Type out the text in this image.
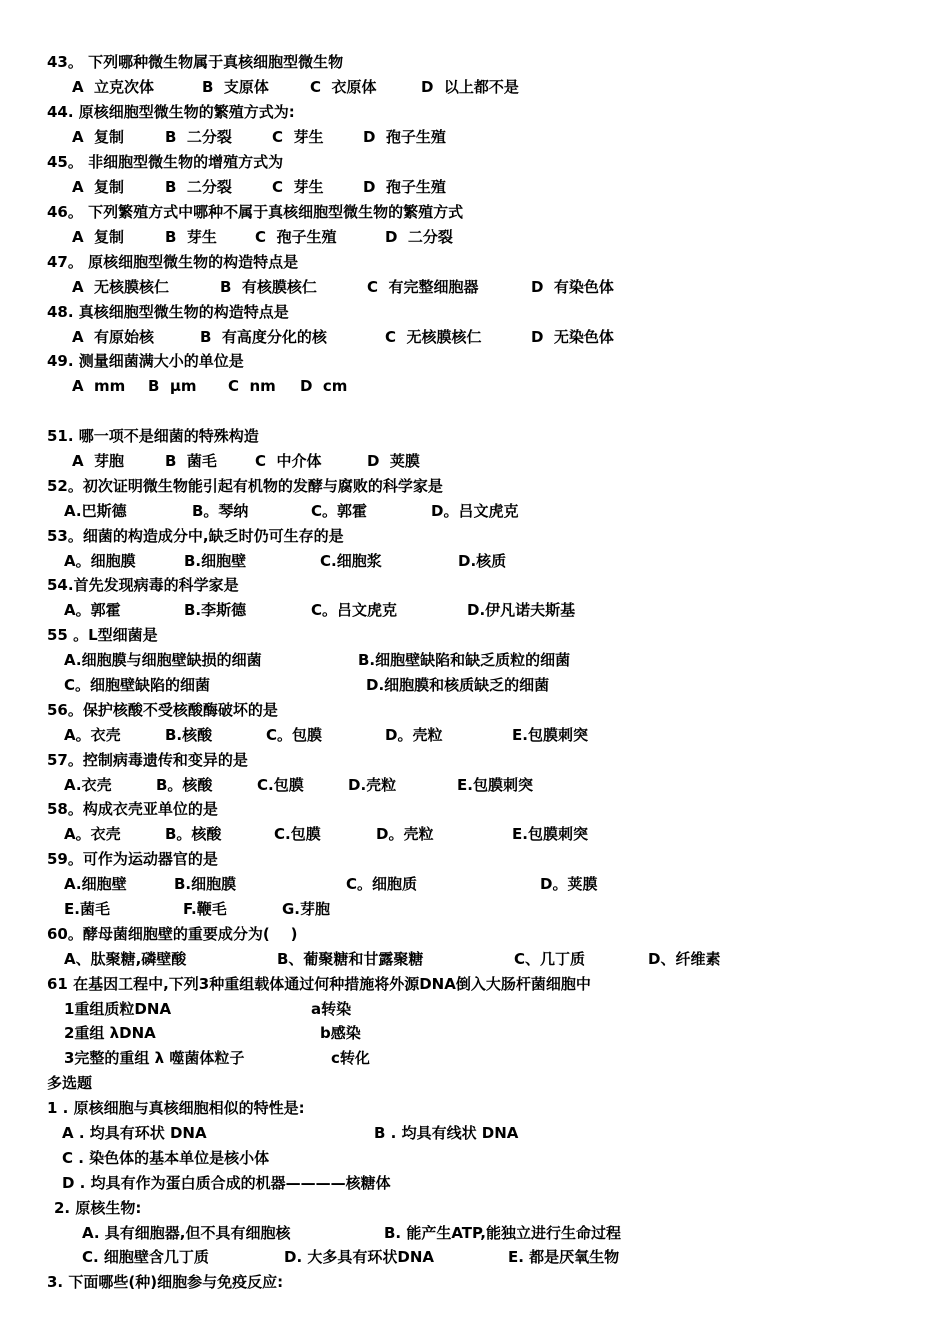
43。 下列哪种微生物属于真核细胞型微生物
A  立克次体	B  支原体	C  衣原体	D  以上都不是
44. 原核细胞型微生物的繁殖方式为:
A  复制	B  二分裂	C  芽生	D  孢子生殖
45。 非细胞型微生物的增殖方式为
A  复制	B  二分裂	C  芽生	D  孢子生殖
46。 下列繁殖方式中哪种不属于真核细胞型微生物的繁殖方式
A  复制	B  芽生	C  孢子生殖	D  二分裂
47。 原核细胞型微生物的构造特点是
A  无核膜核仁	B  有核膜核仁	C  有完整细胞器	D  有染色体
48. 真核细胞型微生物的构造特点是
A  有原始核	B  有高度分化的核	C  无核膜核仁	D  无染色体
49. 测量细菌满大小的单位是
A  mm B  μm C  nm D  cm
51. 哪一项不是细菌的特殊构造
A  芽胞	B  菌毛	C  中介体	D  荚膜
52。初次证明微生物能引起有机物的发酵与腐败的科学家是
A.巴斯德	B。琴纳	C。郭霍	D。吕文虎克
53。细菌的构造成分中,缺乏时仍可生存的是
A。细胞膜	B.细胞壁	C.细胞浆	D.核质
54.首先发现病毒的科学家是
A。郭霍	B.李斯德	C。吕文虎克	D.伊凡诺夫斯基
55 。L型细菌是
A.细胞膜与细胞壁缺损的细菌	B.细胞壁缺陷和缺乏质粒的细菌
C。细胞壁缺陷的细菌	D.细胞膜和核质缺乏的细菌
56。保护核酸不受核酸酶破坏的是
A。衣壳	B.核酸	C。包膜	D。壳粒	E.包膜刺突
57。控制病毒遗传和变异的是
A.衣壳	B。核酸	C.包膜	D.壳粒	E.包膜刺突
58。构成衣壳亚单位的是
A。衣壳	B。核酸	C.包膜	D。壳粒	E.包膜刺突
59。可作为运动器官的是
A.细胞壁	B.细胞膜	C。细胞质	D。荚膜
E.菌毛	F.鞭毛	G.芽胞
60。酵母菌细胞壁的重要成分为(    )
A、肽聚糖,磷壁酸	B、葡聚糖和甘露聚糖	C、几丁质	D、纤维素
61 在基因工程中,下列3种重组载体通过何种措施将外源DNA倒入大肠杆菌细胞中
1重组质粒DNA	a转染
2重组 λDNA	b感染
3完整的重组 λ 噬菌体粒子	c转化
多选题
1 . 原核细胞与真核细胞相似的特性是:
A . 均具有环状 DNA	B . 均具有线状 DNA
C . 染色体的基本单位是核小体
D . 均具有作为蛋白质合成的机器————核糖体
2. 原核生物:
A. 具有细胞器,但不具有细胞核	B. 能产生ATP,能独立进行生命过程
C. 细胞壁含几丁质	D. 大多具有环状DNA	E. 都是厌氧生物
3. 下面哪些(种)细胞参与免疫反应:
